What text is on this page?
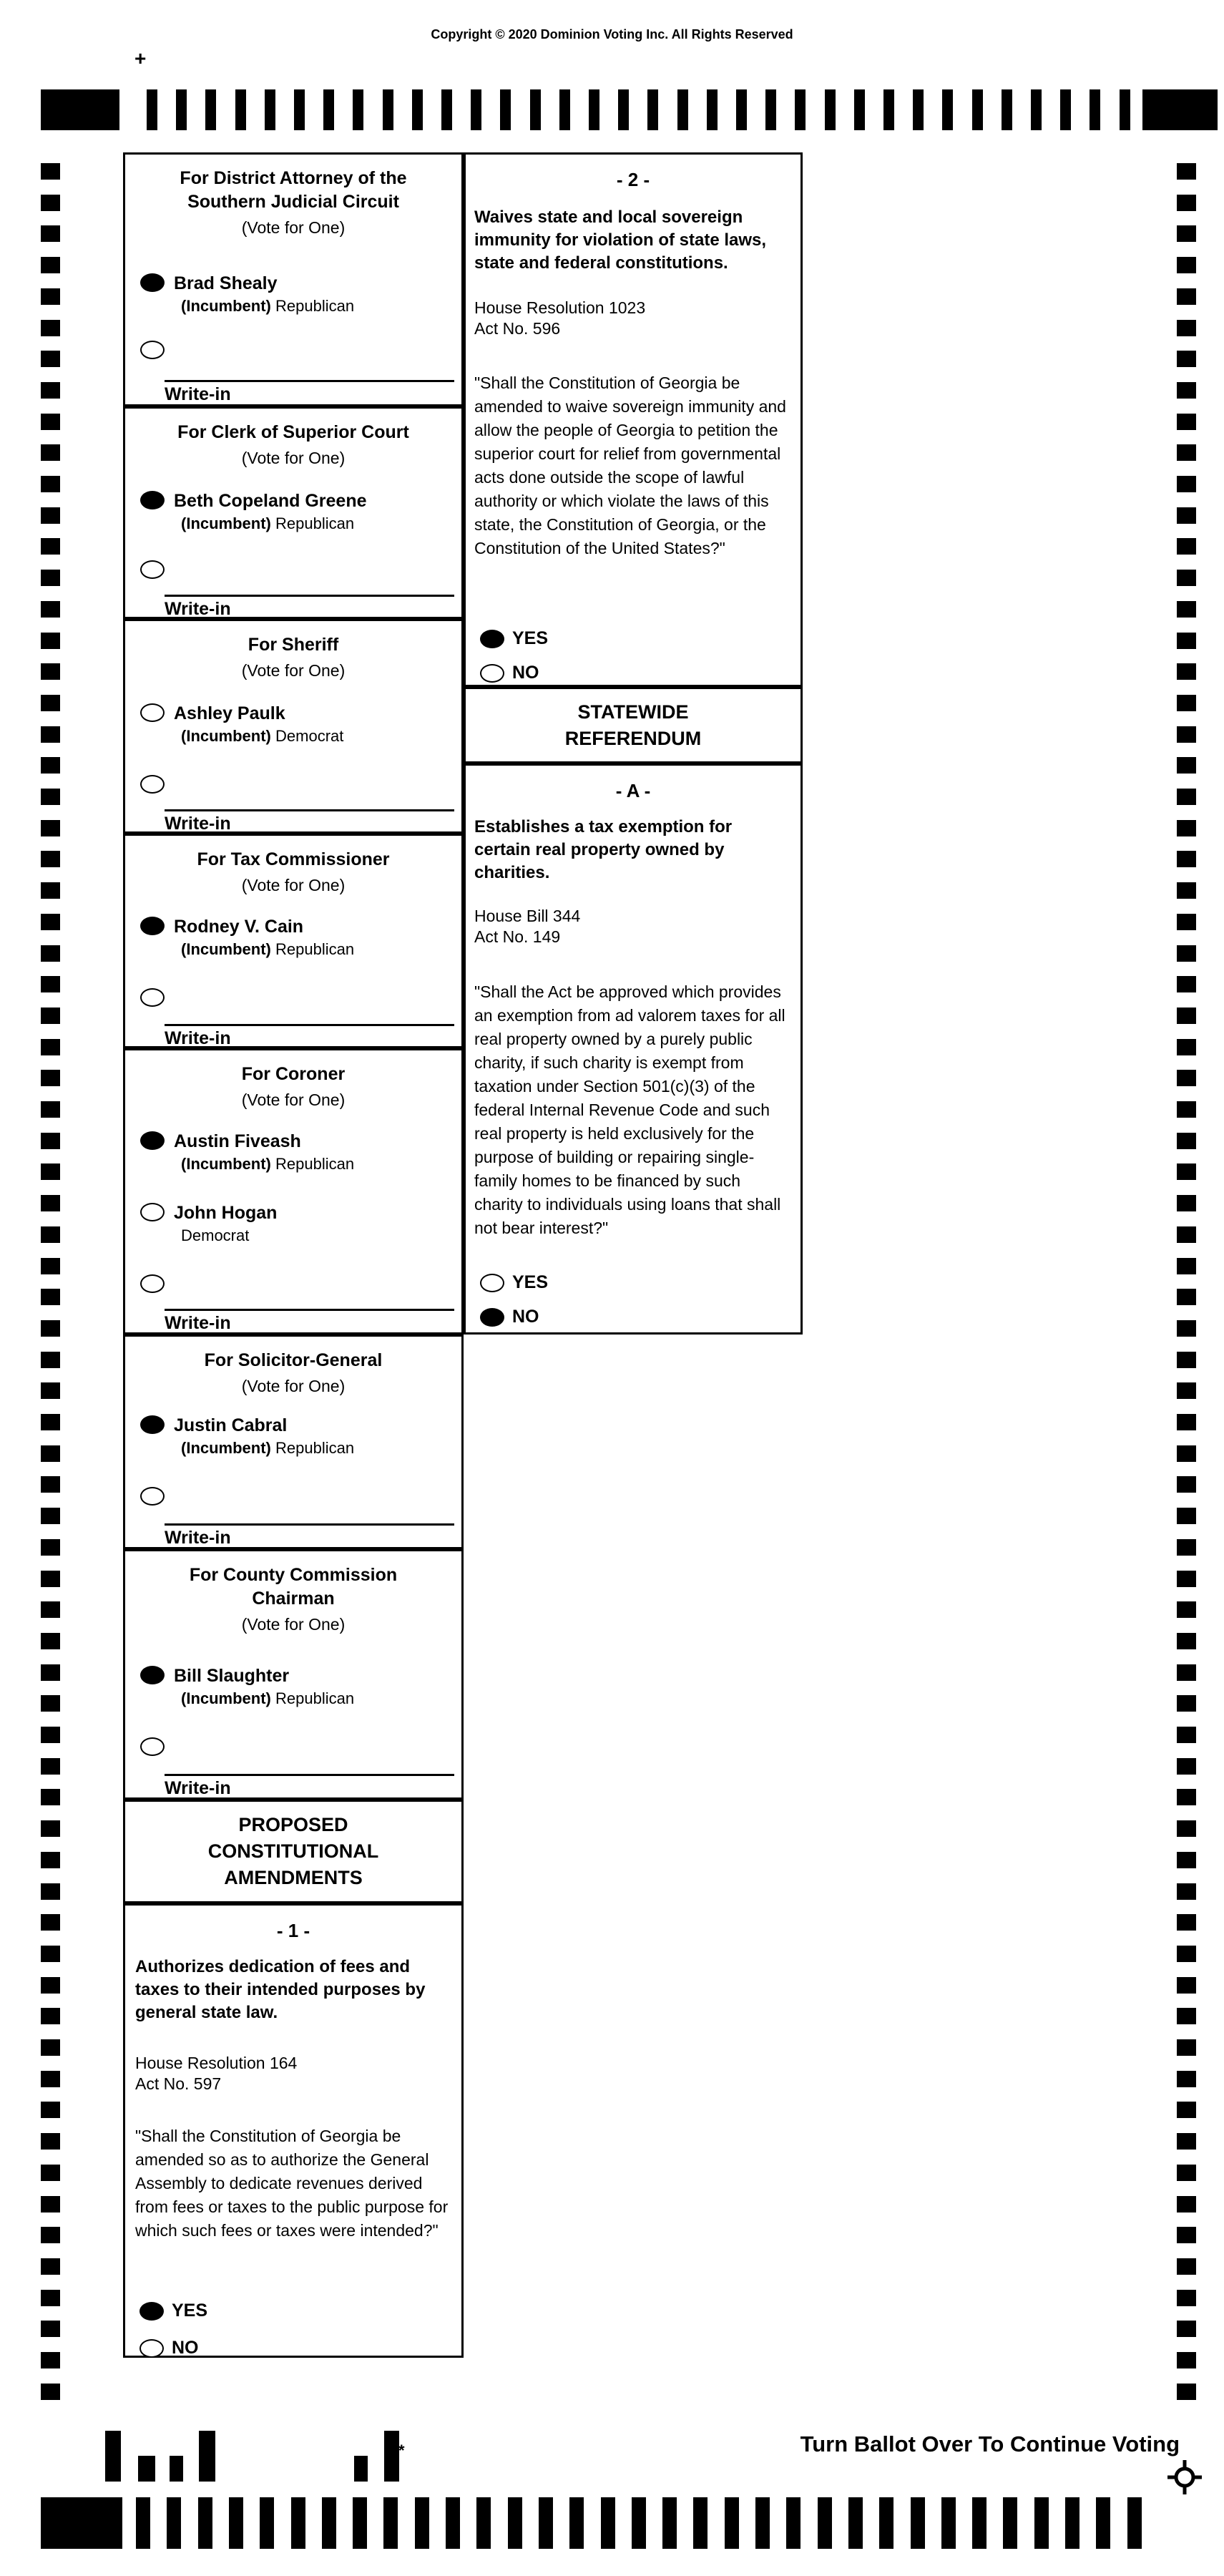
Copyright © 2020 Dominion Voting Inc. All Rights Reserved
+
For District Attorney of the
Southern Judicial Circuit
(Vote for One)
Brad Shealy
(Incumbent) Republican
Write-in
For Clerk of Superior Court
(Vote for One)
Beth Copeland Greene
(Incumbent) Republican
Write-in
For Sheriff
(Vote for One)
Ashley Paulk
(Incumbent) Democrat
Write-in
For Tax Commissioner
(Vote for One)
Rodney V. Cain
(Incumbent) Republican
Write-in
For Coroner
(Vote for One)
Austin Fiveash
(Incumbent) Republican
John Hogan
Democrat
Write-in
For Solicitor-General
(Vote for One)
Justin Cabral
(Incumbent) Republican
Write-in
For County Commission
Chairman
(Vote for One)
Bill Slaughter
(Incumbent) Republican
Write-in
PROPOSED
CONSTITUTIONAL
AMENDMENTS
- 1 -
Authorizes dedication of fees and taxes to their intended purposes by general state law.
House Resolution 164
Act No. 597
"Shall the Constitution of Georgia be amended so as to authorize the General Assembly to dedicate revenues derived from fees or taxes to the public purpose for which such fees or taxes were intended?"
YES
NO
- 2 -
Waives state and local sovereign immunity for violation of state laws, state and federal constitutions.
House Resolution 1023
Act No. 596
"Shall the Constitution of Georgia be amended to waive sovereign immunity and allow the people of Georgia to petition the superior court for relief from governmental acts done outside the scope of lawful authority or which violate the laws of this state, the Constitution of Georgia, or the Constitution of the United States?"
YES
NO
STATEWIDE
REFERENDUM
- A -
Establishes a tax exemption for certain real property owned by charities.
House Bill 344
Act No. 149
"Shall the Act be approved which provides an exemption from ad valorem taxes for all real property owned by a purely public charity, if such charity is exempt from taxation under Section 501(c)(3) of the federal Internal Revenue Code and such real property is held exclusively for the purpose of building or repairing single-family homes to be financed by such charity to individuals using loans that shall not bear interest?"
YES
NO
*	Turn Ballot Over To Continue Voting
